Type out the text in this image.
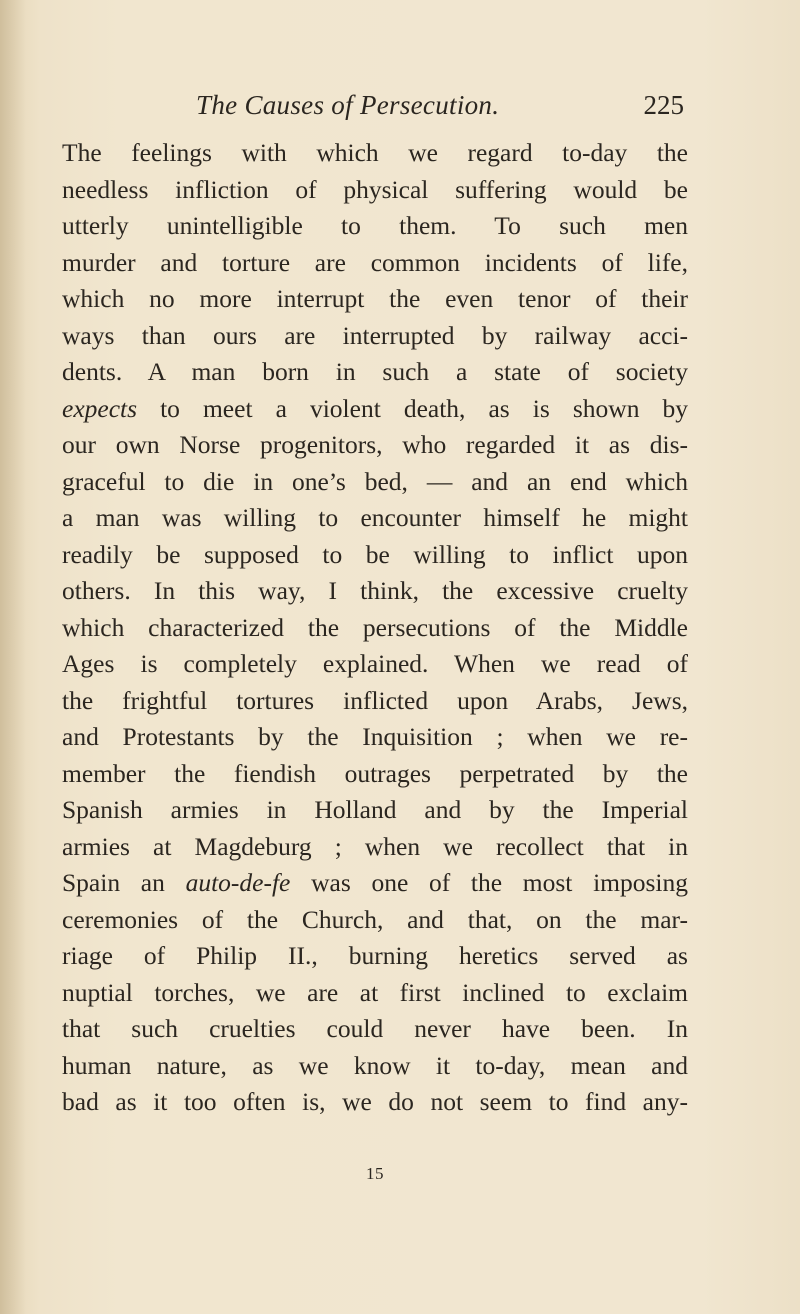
The Causes of Persecution.	225
The feelings with which we regard to-day the
needless infliction of physical suffering would be
utterly unintelligible to them. To such men
murder and torture are common incidents of life,
which no more interrupt the even tenor of their
ways than ours are interrupted by railway acci-
dents. A man born in such a state of society
expects to meet a violent death, as is shown by
our own Norse progenitors, who regarded it as dis-
graceful to die in one’s bed, — and an end which
a man was willing to encounter himself he might
readily be supposed to be willing to inflict upon
others. In this way, I think, the excessive cruelty
which characterized the persecutions of the Middle
Ages is completely explained. When we read of
the frightful tortures inflicted upon Arabs, Jews,
and Protestants by the Inquisition ; when we re-
member the fiendish outrages perpetrated by the
Spanish armies in Holland and by the Imperial
armies at Magdeburg ; when we recollect that in
Spain an auto-de-fe was one of the most imposing
ceremonies of the Church, and that, on the mar-
riage of Philip II., burning heretics served as
nuptial torches, we are at first inclined to exclaim
that such cruelties could never have been. In
human nature, as we know it to-day, mean and
bad as it too often is, we do not seem to find any-
15
